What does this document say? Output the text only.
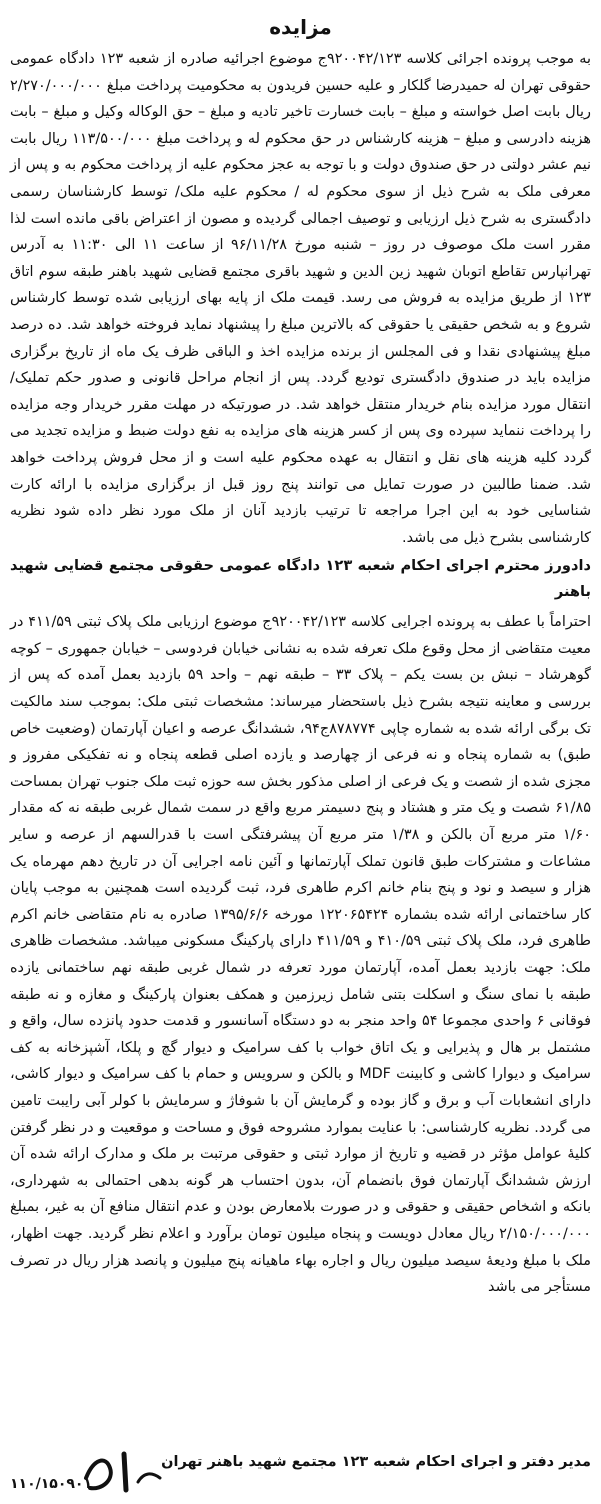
مزایده

به موجب پرونده اجرائی کلاسه ۹۲۰۰۴۲/۱۲۳ج موضوع اجرائیه صادره از شعبه ۱۲۳ دادگاه عمومی حقوقی تهران له حمیدرضا گلکار و علیه حسین فریدون به محکومیت پرداخت مبلغ ۲/۲۷۰/۰۰۰/۰۰۰ ریال بابت اصل خواسته و مبلغ – بابت خسارت تاخیر تادیه و مبلغ – حق الوکاله وکیل و مبلغ – بابت هزینه دادرسی و مبلغ – هزینه کارشناس در حق محکوم له و پرداخت مبلغ ۱۱۳/۵۰۰/۰۰۰ ریال بابت نیم عشر دولتی در حق صندوق دولت و با توجه به عجز محکوم علیه از پرداخت محکوم به و پس از معرفی ملک به شرح ذیل از سوی محکوم له / محکوم علیه ملک/ توسط کارشناسان رسمی دادگستری به شرح ذیل ارزیابی و توصیف اجمالی گردیده و مصون از اعتراض باقی مانده است لذا مقرر است ملک موصوف در روز – شنبه مورخ ۹۶/۱۱/۲۸ از ساعت ۱۱ الی ۱۱:۳۰ به آدرس تهرانپارس تقاطع اتوبان شهید زین الدین و شهید باقری مجتمع قضایی شهید باهنر طبقه سوم اتاق ۱۲۳ از طریق مزایده به فروش می رسد. قیمت ملک از پایه بهای ارزیابی شده توسط کارشناس شروع و به شخص حقیقی یا حقوقی که بالاترین مبلغ را پیشنهاد نماید فروخته خواهد شد. ده درصد مبلغ پیشنهادی نقدا و فی المجلس از برنده مزایده اخذ و الباقی ظرف یک ماه از تاریخ برگزاری مزایده باید در صندوق دادگستری تودیع گردد. پس از انجام مراحل قانونی و صدور حکم تملیک/انتقال مورد مزایده بنام خریدار منتقل خواهد شد. در صورتیکه در مهلت مقرر خریدار وجه مزایده را پرداخت ننماید سپرده وی پس از کسر هزینه های مزایده به نفع دولت ضبط و مزایده تجدید می گردد کلیه هزینه های نقل و انتقال به عهده محکوم علیه است و از محل فروش پرداخت خواهد شد. ضمنا طالبین در صورت تمایل می توانند پنج روز قبل از برگزاری مزایده با ارائه کارت شناسایی خود به این اجرا مراجعه تا ترتیب بازدید آنان از ملک مورد نظر داده شود نظریه کارشناسی بشرح ذیل می باشد.

دادورز محترم اجرای احکام شعبه ۱۲۳ دادگاه عمومی حقوقی مجتمع قضایی شهید باهنر

احتراماً با عطف به پرونده اجرایی کلاسه ۹۲۰۰۴۲/۱۲۳ج موضوع ارزیابی ملک پلاک ثبتی ۴۱۱/۵۹ در معیت متقاضی از محل وقوع ملک تعرفه شده به نشانی خیابان فردوسی – خیابان جمهوری – کوچه گوهرشاد – نبش بن بست یکم – پلاک ۳۳ – طبقه نهم – واحد ۵۹ بازدید بعمل آمده که پس از بررسی و معاینه نتیجه بشرح ذیل باستحضار میرساند: مشخصات ثبتی ملک: بموجب سند مالکیت تک برگی ارائه شده به شماره چاپی ۸۷۸۷۷۴ج۹۴، ششدانگ عرصه و اعیان آپارتمان (وضعیت خاص طبق) به شماره پنجاه و نه فرعی از چهارصد و یازده اصلی قطعه پنجاه و نه تفکیکی مفروز و مجزی شده از شصت و یک فرعی از اصلی مذکور بخش سه حوزه ثبت ملک جنوب تهران بمساحت ۶۱/۸۵ شصت و یک متر و هشتاد و پنج دسیمتر مربع واقع در سمت شمال غربی طبقه نه که مقدار ۱/۶۰ متر مربع آن بالکن و ۱/۳۸ متر مربع آن پیشرفتگی است با قدرالسهم از عرصه و سایر مشاعات و مشترکات طبق قانون تملک آپارتمانها و آئین نامه اجرایی آن در تاریخ دهم مهرماه یک هزار و سیصد و نود و پنج بنام خانم اکرم طاهری فرد، ثبت گردیده است همچنین به موجب پایان کار ساختمانی ارائه شده بشماره ۱۲۲۰۶۵۴۲۴ مورخه ۱۳۹۵/۶/۶ صادره به نام متقاضی خانم اکرم طاهری فرد، ملک پلاک ثبتی ۴۱۰/۵۹ و ۴۱۱/۵۹ دارای پارکینگ مسکونی میباشد. مشخصات ظاهری ملک: جهت بازدید بعمل آمده، آپارتمان مورد تعرفه در شمال غربی طبقه نهم ساختمانی یازده طبقه با نمای سنگ و اسکلت بتنی شامل زیرزمین و همکف بعنوان پارکینگ و مغازه و نه طبقه فوقانی ۶ واحدی مجموعا ۵۴ واحد منجر به دو دستگاه آسانسور و قدمت حدود پانزده سال، واقع و مشتمل بر هال و پذیرایی و یک اتاق خواب با کف سرامیک و دیوار گچ و پلکا، آشپزخانه به کف سرامیک و دیوارا کاشی و کابینت MDF و بالکن و سرویس و حمام با کف سرامیک و دیوار کاشی، دارای انشعابات آب و برق و گاز بوده و گرمایش آن با شوفاژ و سرمایش با کولر آبی رایبت تامین می گردد. نظریه کارشناسی: با عنایت بموارد مشروحه فوق و مساحت و موقعیت و در نظر گرفتن کلیهٔ عوامل مؤثر در قضیه و تاریخ از موارد ثبتی و حقوقی مرتبت بر ملک و مدارک ارائه شده آن ارزش ششدانگ آپارتمان فوق بانضمام آن، بدون احتساب هر گونه بدهی احتمالی به شهرداری، بانکه و اشخاص حقیقی و حقوقی و در صورت بلامعارض بودن و عدم انتقال منافع آن به غیر، بمبلغ ۲/۱۵۰/۰۰۰/۰۰۰ ریال معادل دویست و پنجاه میلیون تومان برآورد و اعلام نظر گردید. جهت اظهار، ملک با مبلغ ودیعهٔ سیصد میلیون ریال و اجاره بهاء ماهیانه پنج میلیون و پانصد هزار ریال در تصرف مستأجر می باشد

مدیر دفتر و اجرای احکام شعبه ۱۲۳ مجتمع شهید باهنر تهران
۱۱۰/۱۵۰۹۰۱
